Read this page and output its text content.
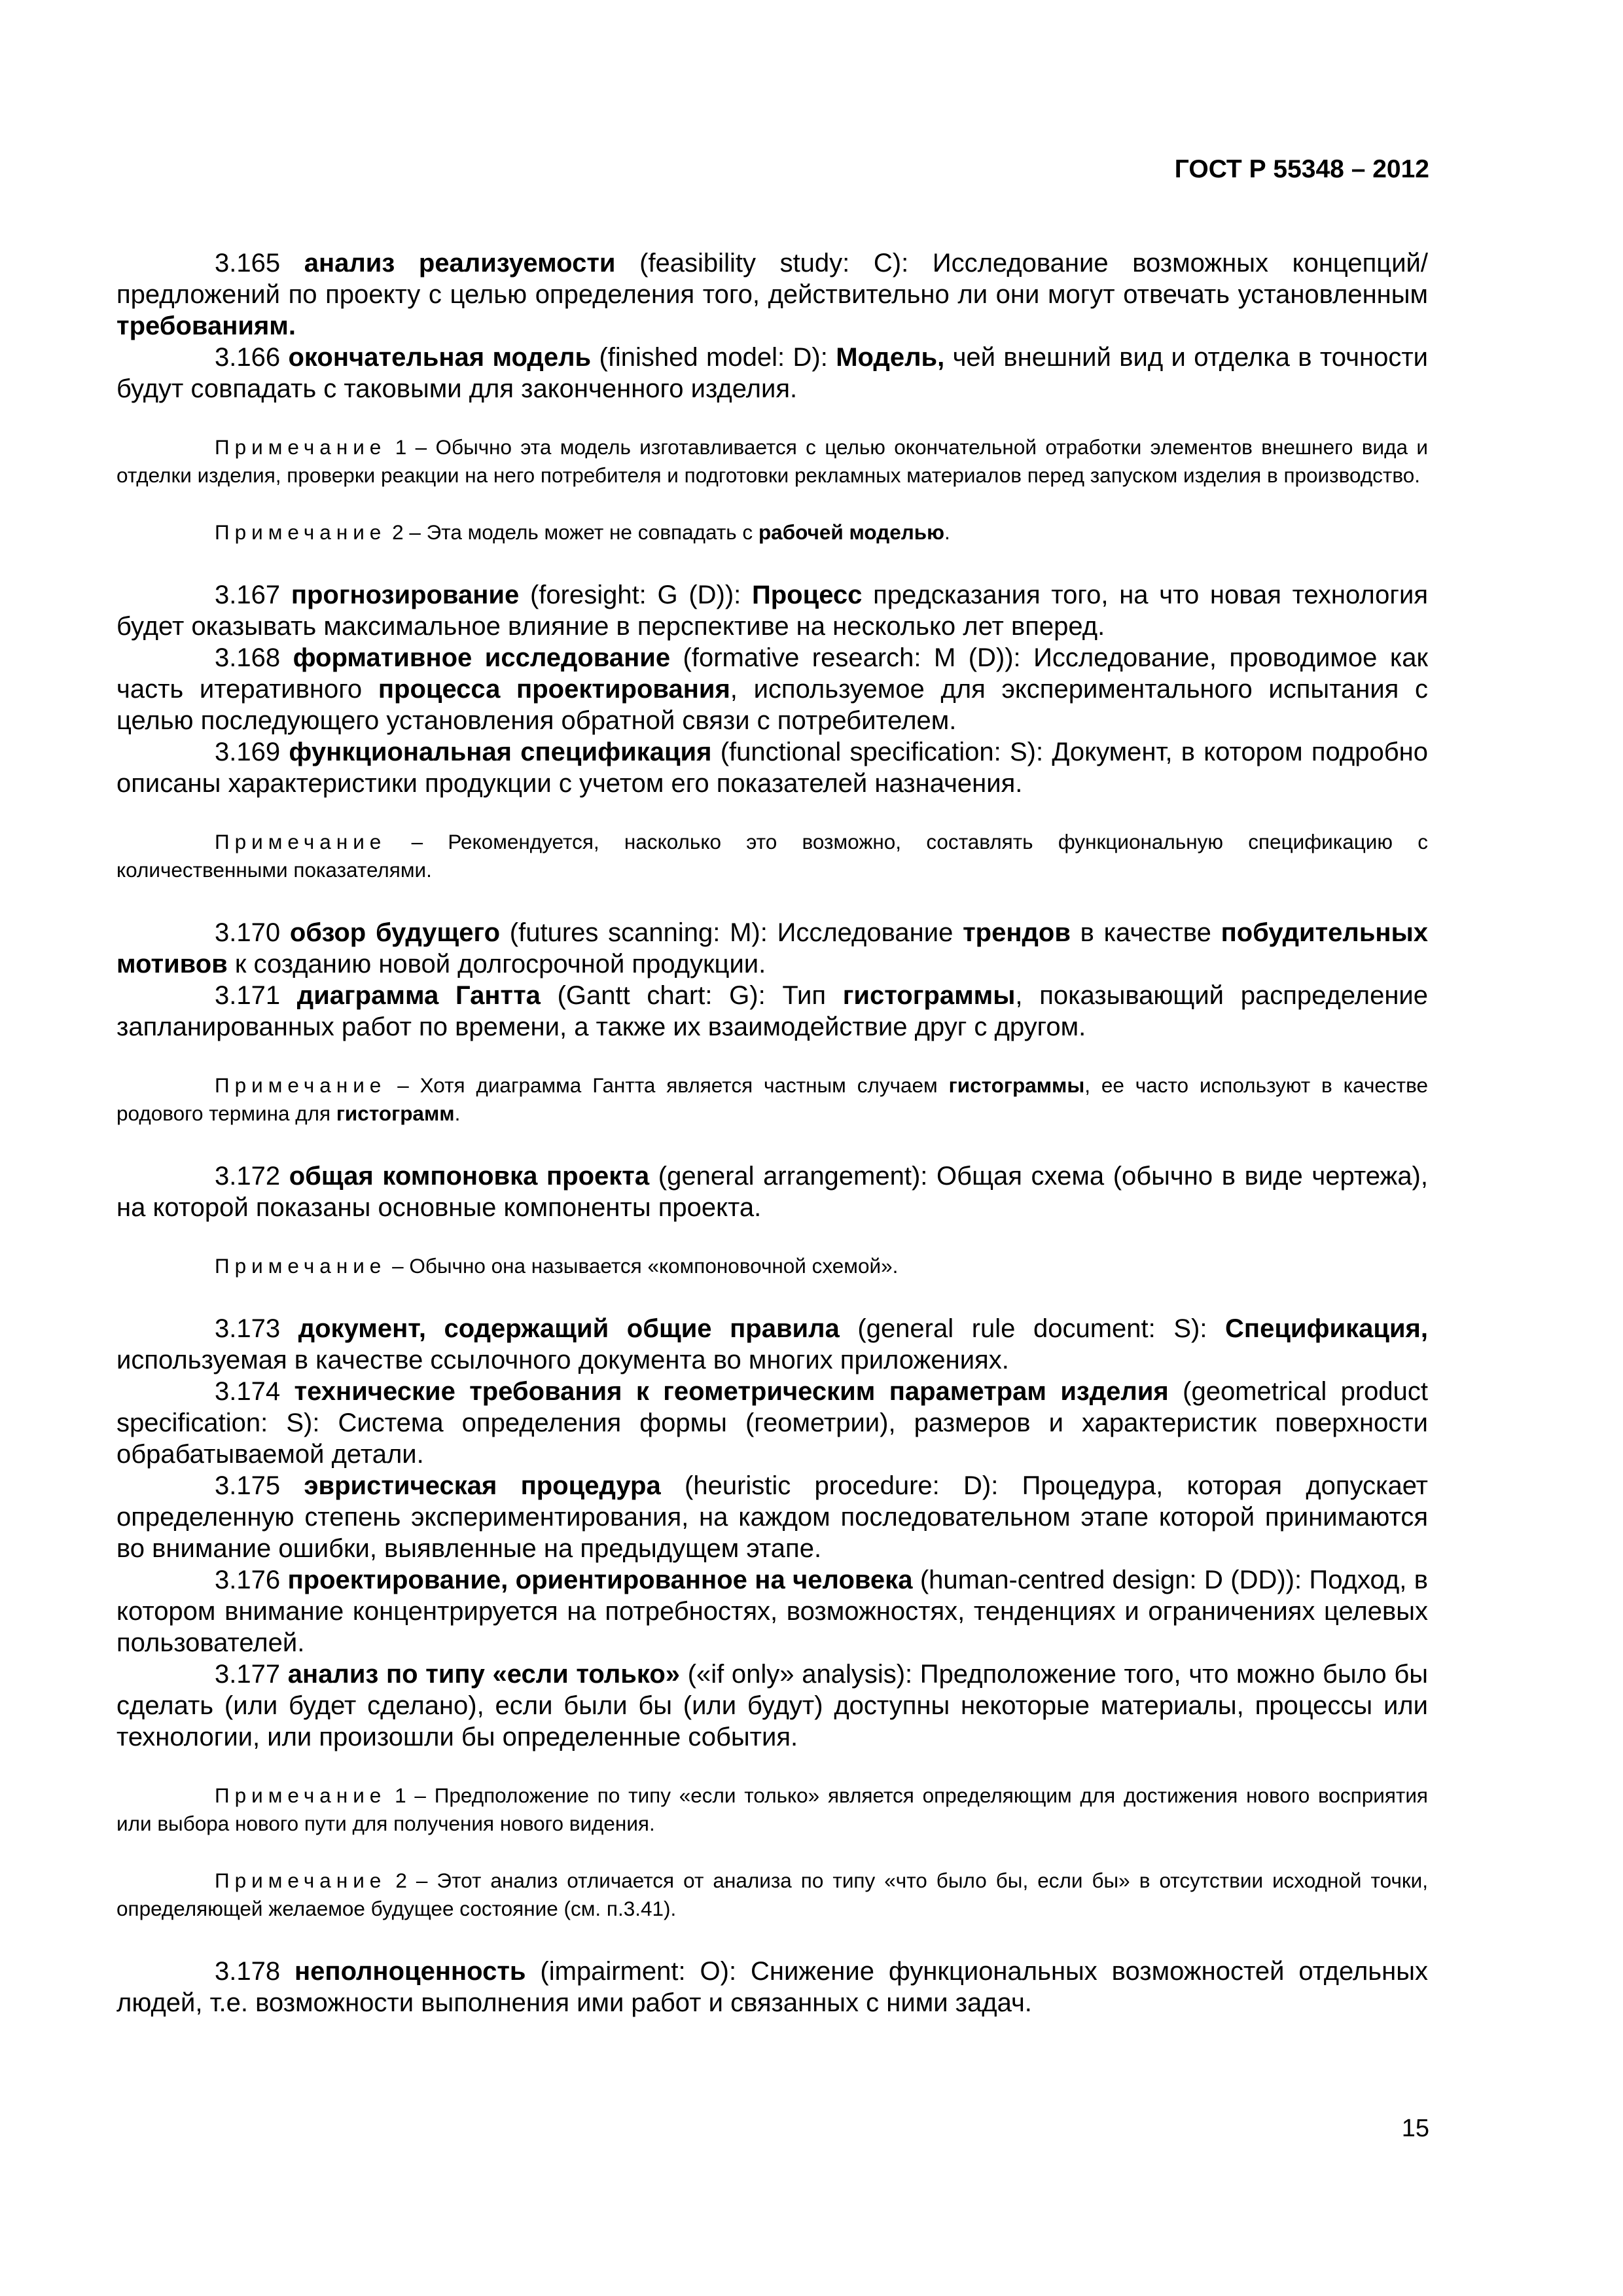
ГОСТ Р 55348 – 2012

3.165 анализ реализуемости (feasibility study: C): Исследование возможных концепций/предложений по проекту с целью определения того, действительно ли они могут отвечать установленным требованиям.

3.166 окончательная модель (finished model: D): Модель, чей внешний вид и отделка в точности будут совпадать с таковыми для законченного изделия.

Примечание 1 – Обычно эта модель изготавливается с целью окончательной отработки элементов внешнего вида и отделки изделия, проверки реакции на него потребителя и подготовки рекламных материалов перед запуском изделия в производство.

Примечание 2 – Эта модель может не совпадать с рабочей моделью.

3.167 прогнозирование (foresight: G (D)): Процесс предсказания того, на что новая технология будет оказывать максимальное влияние в перспективе на несколько лет вперед.

3.168 формативное исследование (formative research: M (D)): Исследование, проводимое как часть итеративного процесса проектирования, используемое для экспериментального испытания с целью последующего установления обратной связи с потребителем.

3.169 функциональная спецификация (functional specification: S): Документ, в котором подробно описаны характеристики продукции с учетом его показателей назначения.

Примечание – Рекомендуется, насколько это возможно, составлять функциональную спецификацию с количественными показателями.

3.170 обзор будущего (futures scanning: M): Исследование трендов в качестве побудительных мотивов к созданию новой долгосрочной продукции.

3.171 диаграмма Гантта (Gantt chart: G): Тип гистограммы, показывающий распределение запланированных работ по времени, а также их взаимодействие друг с другом.

Примечание – Хотя диаграмма Гантта является частным случаем гистограммы, ее часто используют в качестве родового термина для гистограмм.

3.172 общая компоновка проекта (general arrangement): Общая схема (обычно в виде чертежа), на которой показаны основные компоненты проекта.

Примечание – Обычно она называется «компоновочной схемой».

3.173 документ, содержащий общие правила (general rule document: S): Спецификация, используемая в качестве ссылочного документа во многих приложениях.

3.174 технические требования к геометрическим параметрам изделия (geometrical product specification: S): Система определения формы (геометрии), размеров и характеристик поверхности обрабатываемой детали.

3.175 эвристическая процедура (heuristic procedure: D): Процедура, которая допускает определенную степень экспериментирования, на каждом последовательном этапе которой принимаются во внимание ошибки, выявленные на предыдущем этапе.

3.176 проектирование, ориентированное на человека (human-centred design: D (DD)): Подход, в котором внимание концентрируется на потребностях, возможностях, тенденциях и ограничениях целевых пользователей.

3.177 анализ по типу «если только» («if only» analysis): Предположение того, что можно было бы сделать (или будет сделано), если были бы (или будут) доступны некоторые материалы, процессы или технологии, или произошли бы определенные события.

Примечание 1 – Предположение по типу «если только» является определяющим для достижения нового восприятия или выбора нового пути для получения нового видения.

Примечание 2 – Этот анализ отличается от анализа по типу «что было бы, если бы» в отсутствии исходной точки, определяющей желаемое будущее состояние (см. п.3.41).

3.178 неполноценность (impairment: O): Снижение функциональных возможностей отдельных людей, т.е. возможности выполнения ими работ и связанных с ними задач.

15
